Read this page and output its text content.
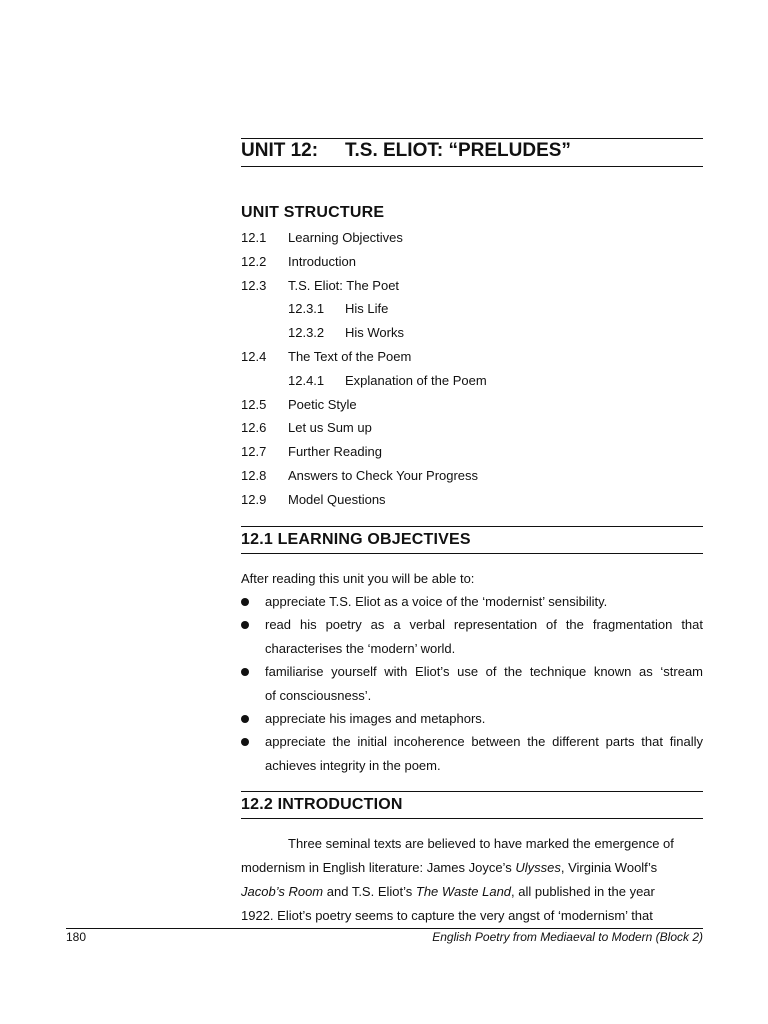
UNIT 12: T.S. ELIOT: “PRELUDES”
UNIT STRUCTURE
12.1 Learning Objectives
12.2 Introduction
12.3 T.S. Eliot: The Poet
12.3.1 His Life
12.3.2 His Works
12.4 The Text of the Poem
12.4.1 Explanation of the Poem
12.5 Poetic Style
12.6 Let us Sum up
12.7 Further Reading
12.8 Answers to Check Your Progress
12.9 Model Questions
12.1 LEARNING OBJECTIVES
After reading this unit you will be able to:
appreciate T.S. Eliot as a voice of the ‘modernist’ sensibility.
read his poetry as a verbal representation of the fragmentation that
characterises the ‘modern’ world.
familiarise yourself with Eliot’s use of the technique known as ‘stream
of consciousness’.
appreciate his images and metaphors.
appreciate the initial incoherence between the different parts that finally
achieves integrity in the poem.
12.2 INTRODUCTION
Three seminal texts are believed to have marked the emergence of
modernism in English literature: James Joyce’s Ulysses, Virginia Woolf’s
Jacob’s Room and T.S. Eliot’s The Waste Land, all published in the year
1922. Eliot’s poetry seems to capture the very angst of ‘modernism’ that
180	English Poetry from Mediaeval to Modern (Block 2)
